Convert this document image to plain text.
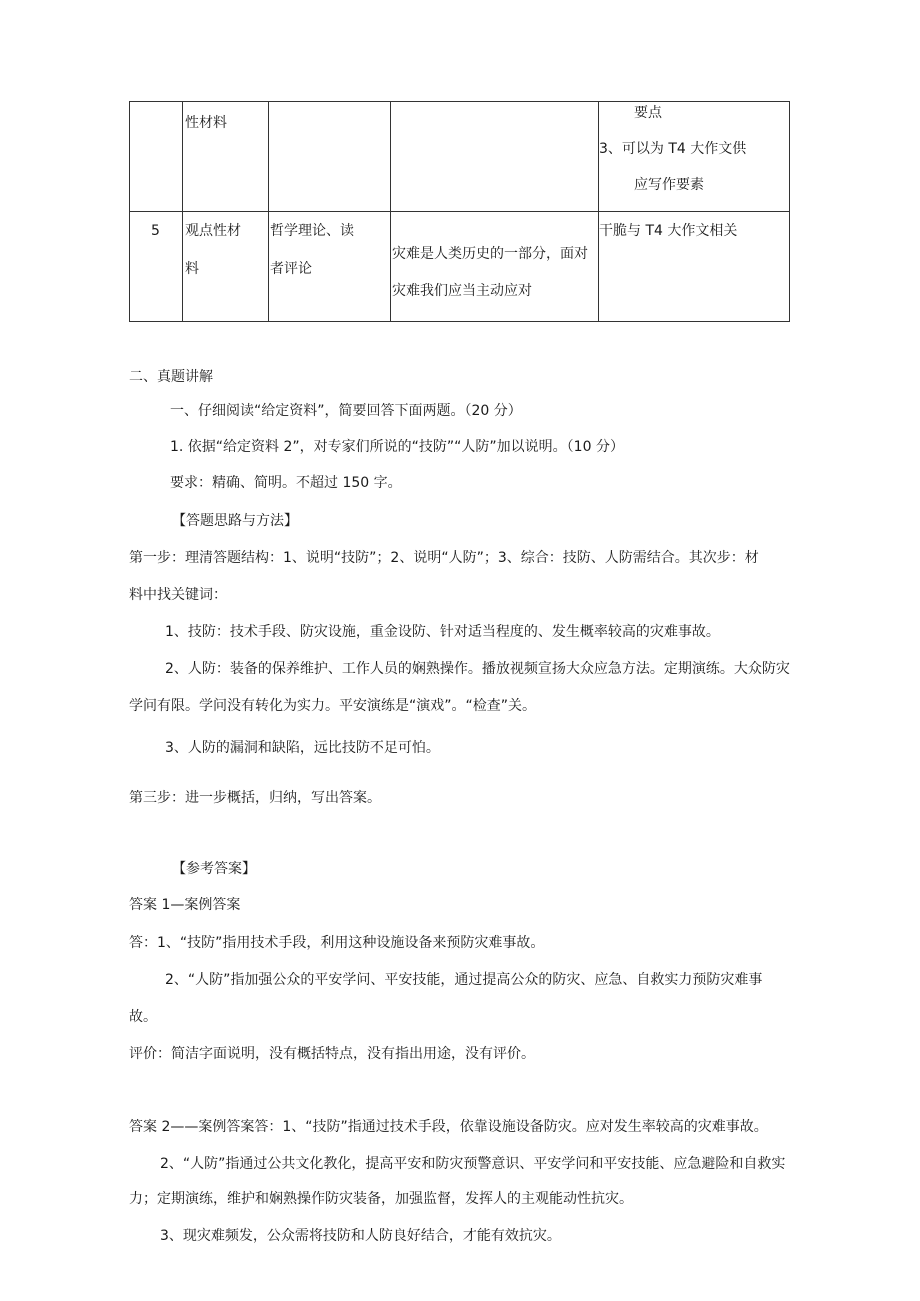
性材料
要点
3、可以为 T4 大作文供
应写作要素
5 观点性材
料
哲学理论、读
者评论
灾难是人类历史的一部分，面对
灾难我们应当主动应对
干脆与 T4 大作文相关
二、真题讲解
一、仔细阅读“给定资料”，简要回答下面两题。（20 分）
1. 依据“给定资料 2”，对专家们所说的“技防”“人防”加以说明。（10 分）
要求：精确、简明。不超过 150 字。
【答题思路与方法】
第一步：理清答题结构：1、说明“技防”；2、说明“人防”；3、综合：技防、人防需结合。其次步：材
料中找关键词：
1、技防：技术手段、防灾设施，重金设防、针对适当程度的、发生概率较高的灾难事故。
2、人防：装备的保养维护、工作人员的娴熟操作。播放视频宣扬大众应急方法。定期演练。大众防灾
学问有限。学问没有转化为实力。平安演练是“演戏”。“检查”关。
3、人防的漏洞和缺陷，远比技防不足可怕。
第三步：进一步概括，归纳，写出答案。
【参考答案】
答案 1—案例答案
答：1、“技防”指用技术手段，利用这种设施设备来预防灾难事故。
2、“人防”指加强公众的平安学问、平安技能，通过提高公众的防灾、应急、自救实力预防灾难事
故。
评价：简洁字面说明，没有概括特点，没有指出用途，没有评价。
答案 2——案例答案答：1、“技防”指通过技术手段，依靠设施设备防灾。应对发生率较高的灾难事故。
2、“人防”指通过公共文化教化，提高平安和防灾预警意识、平安学问和平安技能、应急避险和自救实
力；定期演练，维护和娴熟操作防灾装备，加强监督，发挥人的主观能动性抗灾。
3、现灾难频发，公众需将技防和人防良好结合，才能有效抗灾。
